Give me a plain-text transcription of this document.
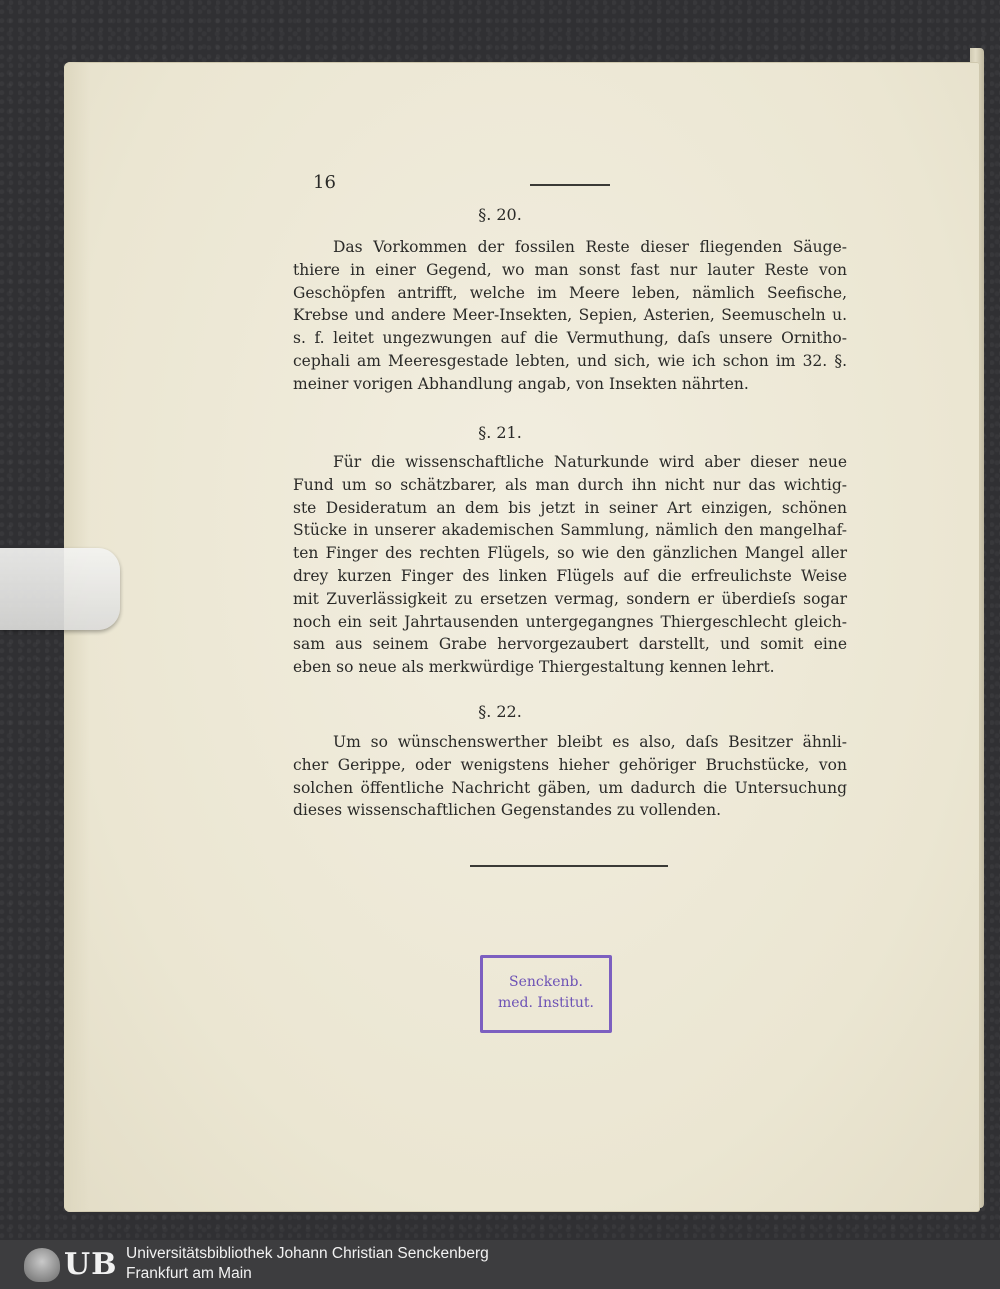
16
§. 20.
Das Vorkommen der fossilen Reste dieser fliegenden Säuge-
thiere in einer Gegend, wo man sonst fast nur lauter Reste von
Geschöpfen antrifft, welche im Meere leben, nämlich Seefische,
Krebse und andere Meer-Insekten, Sepien, Asterien, Seemuscheln u.
s. f. leitet ungezwungen auf die Vermuthung, daſs unsere Ornitho-
cephali am Meeresgestade lebten, und sich, wie ich schon im 32. §.
meiner vorigen Abhandlung angab, von Insekten nährten.
§. 21.
Für die wissenschaftliche Naturkunde wird aber dieser neue
Fund um so schätzbarer, als man durch ihn nicht nur das wichtig-
ste Desideratum an dem bis jetzt in seiner Art einzigen, schönen
Stücke in unserer akademischen Sammlung, nämlich den mangelhaf-
ten Finger des rechten Flügels, so wie den gänzlichen Mangel aller
drey kurzen Finger des linken Flügels auf die erfreulichste Weise
mit Zuverlässigkeit zu ersetzen vermag, sondern er überdieſs sogar
noch ein seit Jahrtausenden untergegangnes Thiergeschlecht gleich-
sam aus seinem Grabe hervorgezaubert darstellt, und somit eine
eben so neue als merkwürdige Thiergestaltung kennen lehrt.
§. 22.
Um so wünschenswerther bleibt es also, daſs Besitzer ähnli-
cher Gerippe, oder wenigstens hieher gehöriger Bruchstücke, von
solchen öffentliche Nachricht gäben, um dadurch die Untersuchung
dieses wissenschaftlichen Gegenstandes zu vollenden.
Senckenb.
med. Institut.
UB Universitätsbibliothek Johann Christian Senckenberg
Frankfurt am Main
